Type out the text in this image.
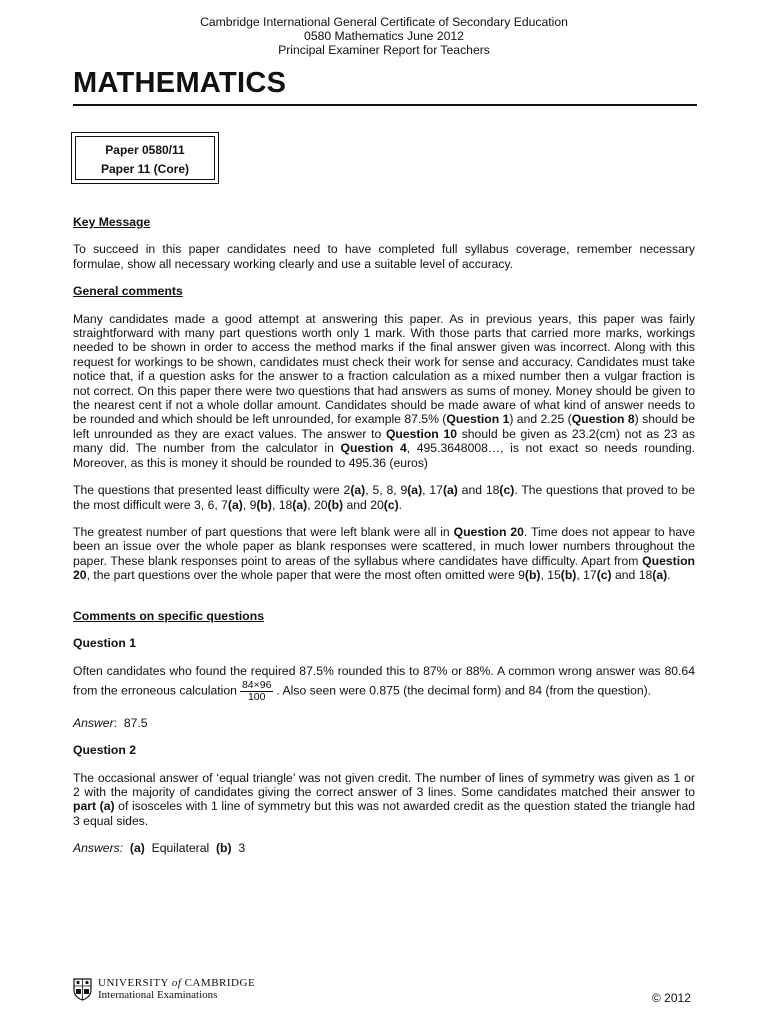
Cambridge International General Certificate of Secondary Education
0580 Mathematics June 2012
Principal Examiner Report for Teachers
MATHEMATICS
Paper 0580/11
Paper 11 (Core)

Key Message

To succeed in this paper candidates need to have completed full syllabus coverage, remember necessary formulae, show all necessary working clearly and use a suitable level of accuracy.

General comments

Many candidates made a good attempt at answering this paper. As in previous years, this paper was fairly straightforward with many part questions worth only 1 mark. With those parts that carried more marks, workings needed to be shown in order to access the method marks if the final answer given was incorrect. Along with this request for workings to be shown, candidates must check their work for sense and accuracy. Candidates must take notice that, if a question asks for the answer to a fraction calculation as a mixed number then a vulgar fraction is not correct. On this paper there were two questions that had answers as sums of money. Money should be given to the nearest cent if not a whole dollar amount. Candidates should be made aware of what kind of answer needs to be rounded and which should be left unrounded, for example 87.5% (Question 1) and 2.25 (Question 8) should be left unrounded as they are exact values. The answer to Question 10 should be given as 23.2(cm) not as 23 as many did. The number from the calculator in Question 4, 495.3648008…, is not exact so needs rounding. Moreover, as this is money it should be rounded to 495.36 (euros)

The questions that presented least difficulty were 2(a), 5, 8, 9(a), 17(a) and 18(c). The questions that proved to be the most difficult were 3, 6, 7(a), 9(b), 18(a), 20(b) and 20(c).

The greatest number of part questions that were left blank were all in Question 20. Time does not appear to have been an issue over the whole paper as blank responses were scattered, in much lower numbers throughout the paper. These blank responses point to areas of the syllabus where candidates have difficulty. Apart from Question 20, the part questions over the whole paper that were the most often omitted were 9(b), 15(b), 17(c) and 18(a).

Comments on specific questions

Question 1

Often candidates who found the required 87.5% rounded this to 87% or 88%. A common wrong answer was 80.64 from the erroneous calculation $\frac{84\times 96}{100}$ . Also seen were 0.875 (the decimal form) and 84 (from the question).

Answer: 87.5

Question 2

The occasional answer of ‘equal triangle’ was not given credit. The number of lines of symmetry was given as 1 or 2 with the majority of candidates giving the correct answer of 3 lines. Some candidates matched their answer to part (a) of isosceles with 1 line of symmetry but this was not awarded credit as the question stated the triangle had 3 equal sides.

Answers: (a) Equilateral (b) 3

UNIVERSITY of CAMBRIDGE
International Examinations	© 2012
